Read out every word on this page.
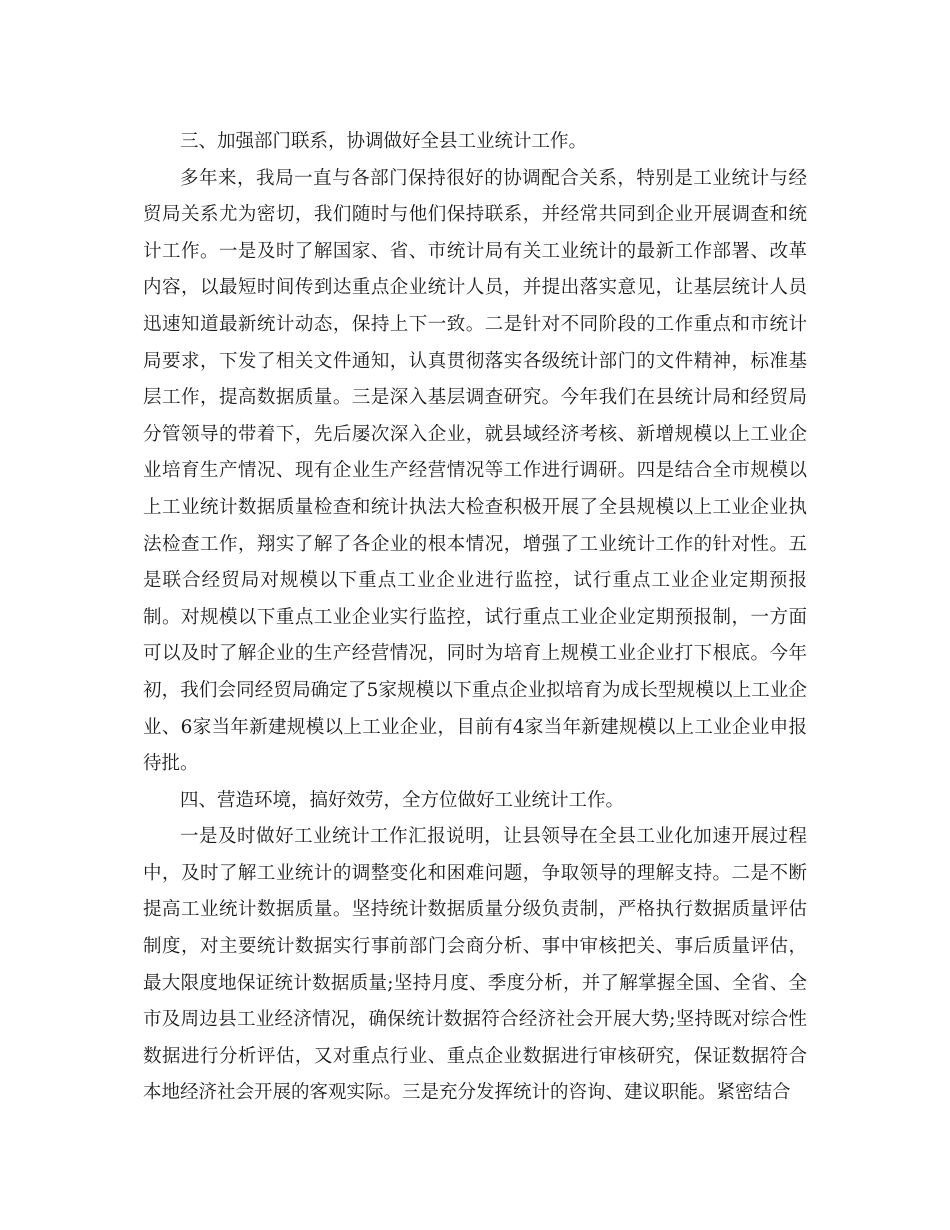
三、加强部门联系，协调做好全县工业统计工作。

多年来，我局一直与各部门保持很好的协调配合关系，特别是工业统计与经贸局关系尤为密切，我们随时与他们保持联系，并经常共同到企业开展调查和统计工作。一是及时了解国家、省、市统计局有关工业统计的最新工作部署、改革内容，以最短时间传到达重点企业统计人员，并提出落实意见，让基层统计人员迅速知道最新统计动态，保持上下一致。二是针对不同阶段的工作重点和市统计局要求，下发了相关文件通知，认真贯彻落实各级统计部门的文件精神，标准基层工作，提高数据质量。三是深入基层调查研究。今年我们在县统计局和经贸局分管领导的带着下，先后屡次深入企业，就县域经济考核、新增规模以上工业企业培育生产情况、现有企业生产经营情况等工作进行调研。四是结合全市规模以上工业统计数据质量检查和统计执法大检查积极开展了全县规模以上工业企业执法检查工作，翔实了解了各企业的根本情况，增强了工业统计工作的针对性。五是联合经贸局对规模以下重点工业企业进行监控，试行重点工业企业定期预报制。对规模以下重点工业企业实行监控，试行重点工业企业定期预报制，一方面可以及时了解企业的生产经营情况，同时为培育上规模工业企业打下根底。今年初，我们会同经贸局确定了5家规模以下重点企业拟培育为成长型规模以上工业企业、6家当年新建规模以上工业企业，目前有4家当年新建规模以上工业企业申报待批。

四、营造环境，搞好效劳，全方位做好工业统计工作。

一是及时做好工业统计工作汇报说明，让县领导在全县工业化加速开展过程中，及时了解工业统计的调整变化和困难问题，争取领导的理解支持。二是不断提高工业统计数据质量。坚持统计数据质量分级负责制，严格执行数据质量评估制度，对主要统计数据实行事前部门会商分析、事中审核把关、事后质量评估，最大限度地保证统计数据质量;坚持月度、季度分析，并了解掌握全国、全省、全市及周边县工业经济情况，确保统计数据符合经济社会开展大势;坚持既对综合性数据进行分析评估，又对重点行业、重点企业数据进行审核研究，保证数据符合本地经济社会开展的客观实际。三是充分发挥统计的咨询、建议职能。紧密结合
